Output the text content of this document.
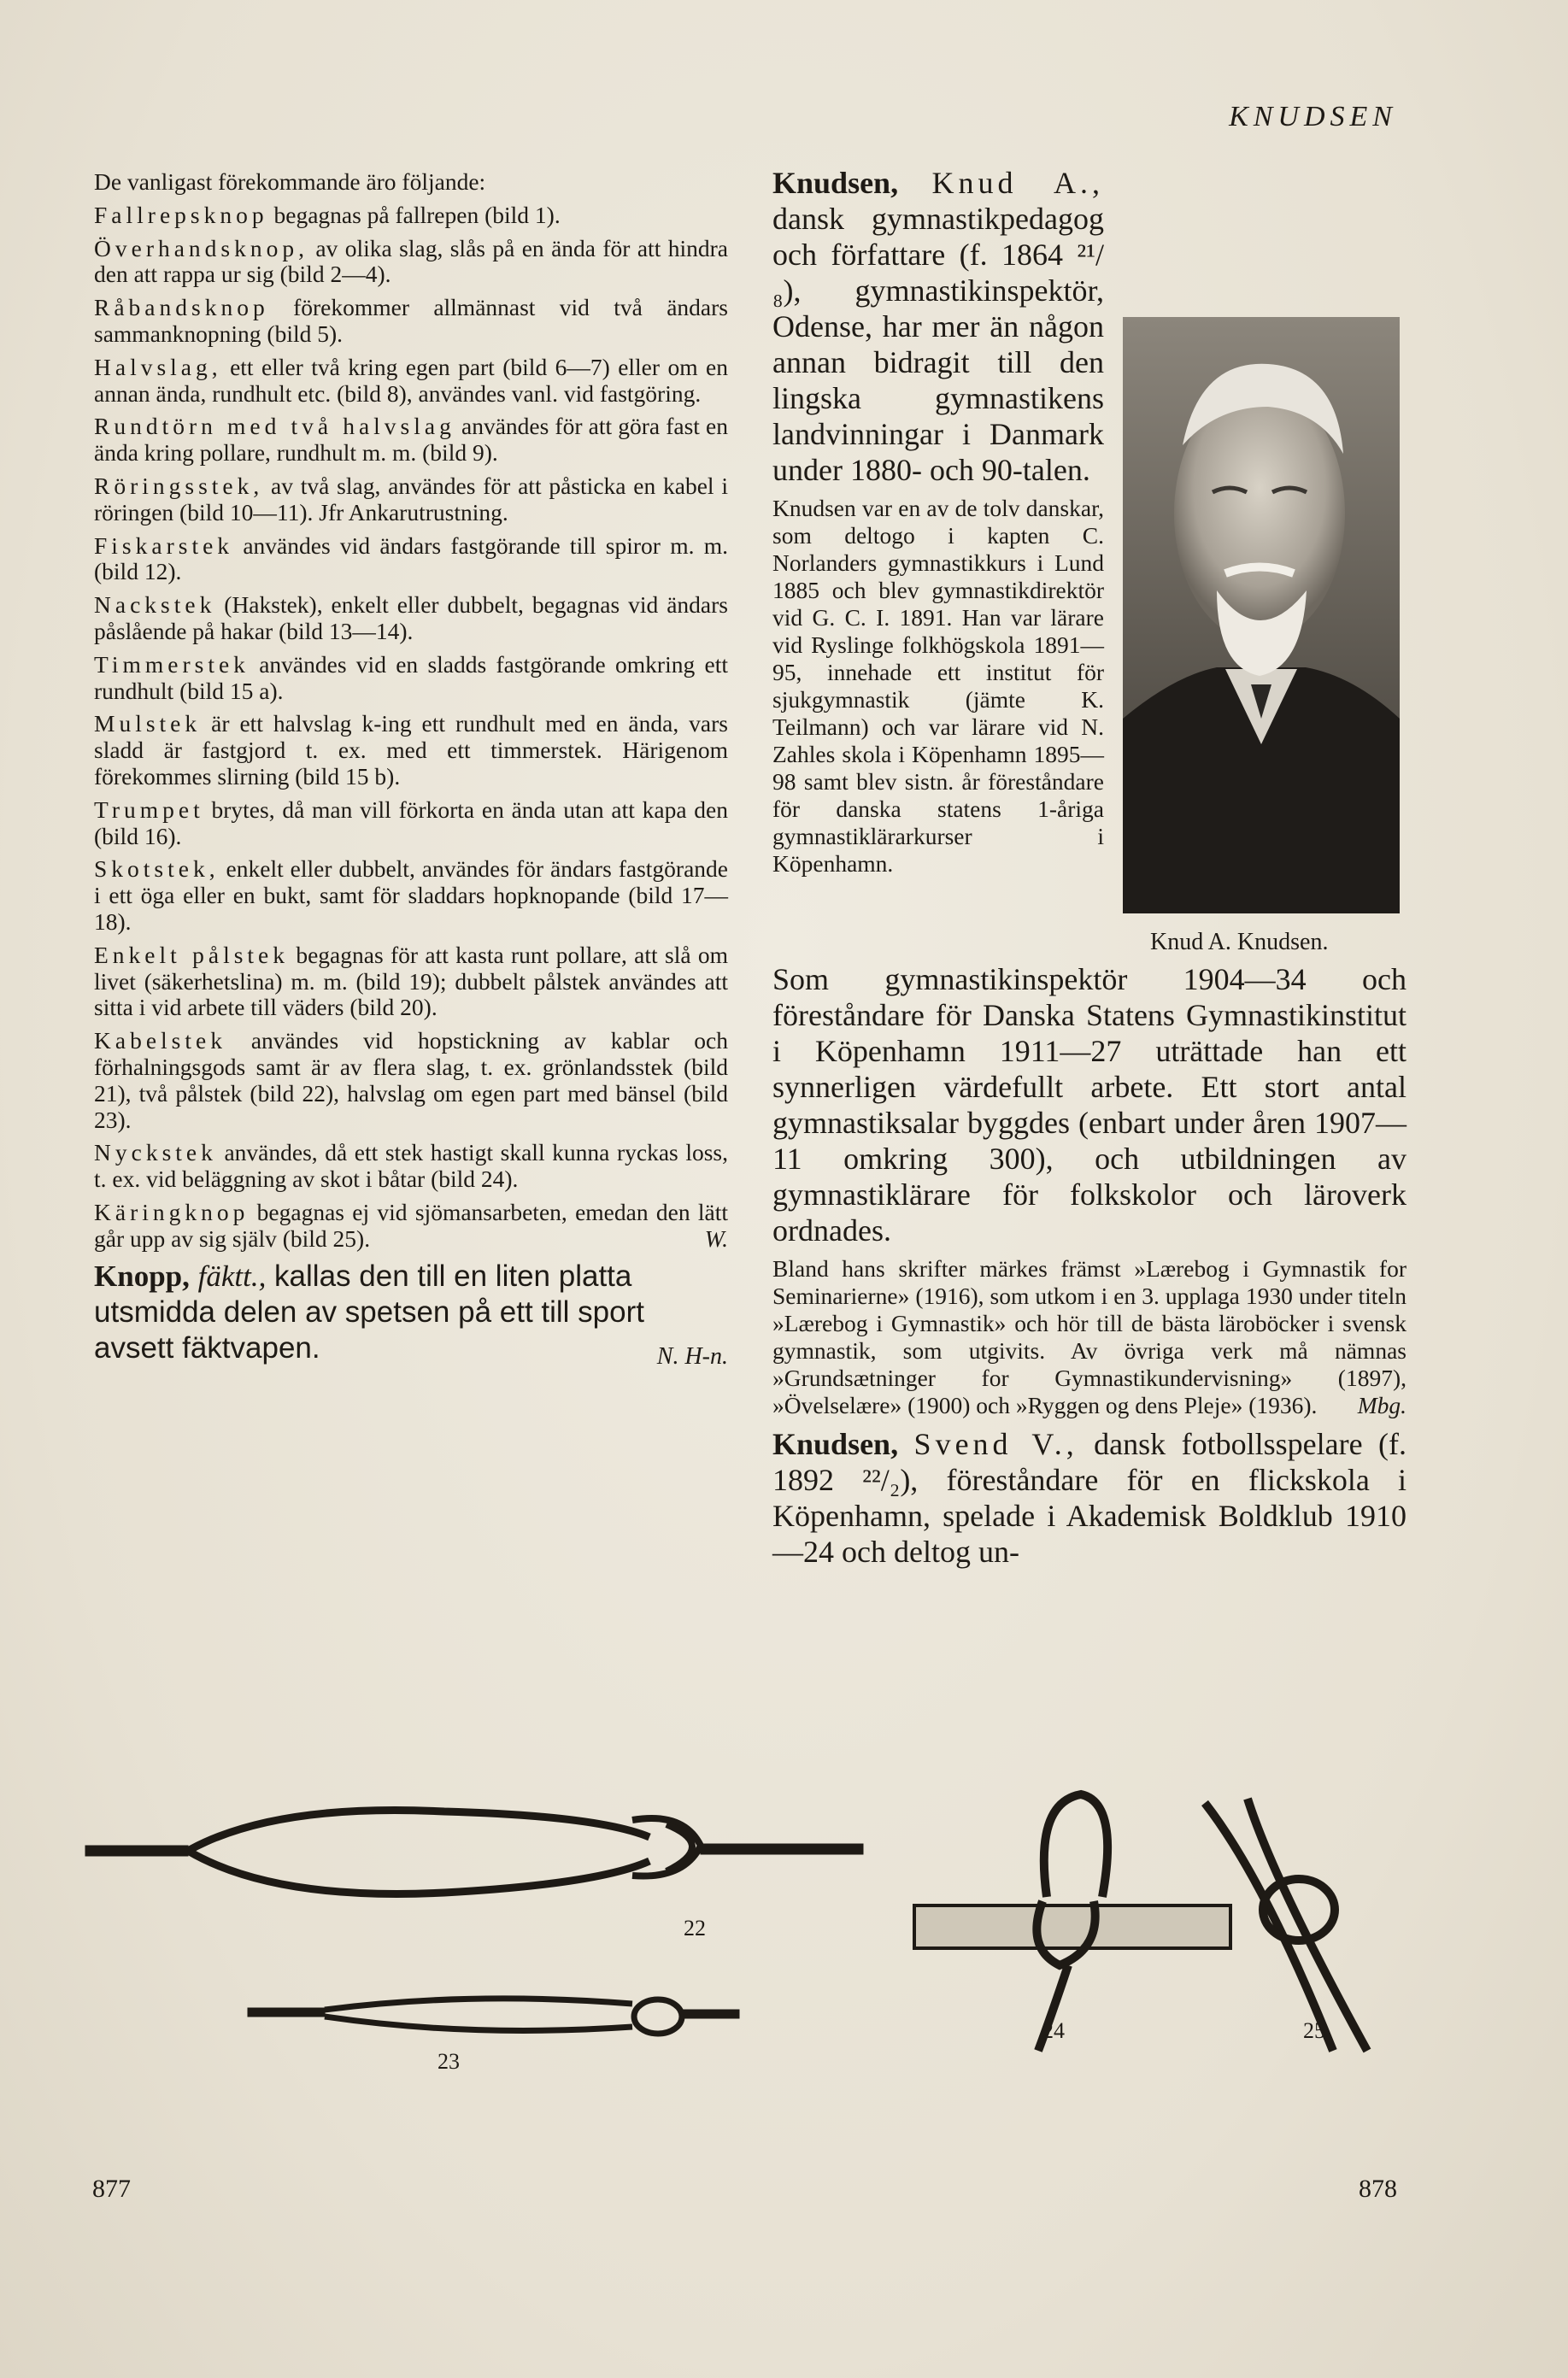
KNUDSEN

De vanligast förekommande äro följande:

Fallrepsknop begagnas på fallrepen (bild 1).

Överhandsknop, av olika slag, slås på en ända för att hindra den att rappa ur sig (bild 2—4).

Råbandsknop förekommer allmännast vid två ändars sammanknopning (bild 5).

Halvslag, ett eller två kring egen part (bild 6—7) eller om en annan ända, rundhult etc. (bild 8), användes vanl. vid fastgöring.

Rundtörn med två halvslag användes för att göra fast en ända kring pollare, rundhult m. m. (bild 9).

Röringsstek, av två slag, användes för att påsticka en kabel i röringen (bild 10—11). Jfr Ankarutrustning.

Fiskarstek användes vid ändars fastgörande till spiror m. m. (bild 12).

Nackstek (Hakstek), enkelt eller dubbelt, begagnas vid ändars påslående på hakar (bild 13—14).

Timmerstek användes vid en sladds fastgörande omkring ett rundhult (bild 15 a).

Mulstek är ett halvslag k-ing ett rundhult med en ända, vars sladd är fastgjord t. ex. med ett timmerstek. Härigenom förekommes slirning (bild 15 b).

Trumpet brytes, då man vill förkorta en ända utan att kapa den (bild 16).

Skotstek, enkelt eller dubbelt, användes för ändars fastgörande i ett öga eller en bukt, samt för sladdars hopknopande (bild 17—18).

Enkelt pålstek begagnas för att kasta runt pollare, att slå om livet (säkerhetslina) m. m. (bild 19); dubbelt pålstek användes att sitta i vid arbete till väders (bild 20).

Kabelstek användes vid hopstickning av kablar och förhalningsgods samt är av flera slag, t. ex. grönlandsstek (bild 21), två pålstek (bild 22), halvslag om egen part med bänsel (bild 23).

Nyckstek användes, då ett stek hastigt skall kunna ryckas loss, t. ex. vid beläggning av skot i båtar (bild 24).

Käringknop begagnas ej vid sjömansarbeten, emedan den lätt går upp av sig själv (bild 25).	W.

Knopp, fäktt., kallas den till en liten platta utsmidda delen av spetsen på ett till sport avsett fäktvapen.	N. H-n.

Knud A. Knudsen.

Knudsen, Knud A., dansk gymnastikpedagog och författare (f. 1864 ²¹/₈), gymnastikinspektör, Odense, har mer än någon annan bidragit till den lingska gymnastikens landvinningar i Danmark under 1880- och 90-talen.

Knudsen var en av de tolv danskar, som deltogo i kapten C. Norlanders gymnastikkurs i Lund 1885 och blev gymnastikdirektör vid G. C. I. 1891. Han var lärare vid Ryslinge folkhögskola 1891—95, innehade ett institut för sjukgymnastik (jämte K. Teilmann) och var lärare vid N. Zahles skola i Köpenhamn 1895—98 samt blev sistn. år föreståndare för danska statens 1-åriga gymnastiklärarkurser i Köpenhamn.

Som gymnastikinspektör 1904—34 och föreståndare för Danska Statens Gymnastikinstitut i Köpenhamn 1911—27 uträttade han ett synnerligen värdefullt arbete. Ett stort antal gymnastiksalar byggdes (enbart under åren 1907—11 omkring 300), och utbildningen av gymnastiklärare för folkskolor och läroverk ordnades.

Bland hans skrifter märkes främst »Lærebog i Gymnastik for Seminarierne» (1916), som utkom i en 3. upplaga 1930 under titeln »Lærebog i Gymnastik» och hör till de bästa läroböcker i svensk gymnastik, som utgivits. Av övriga verk må nämnas »Grundsætninger for Gymnastikundervisning» (1897), »Övelselære» (1900) och »Ryggen og dens Pleje» (1936). Mbg.

Knudsen, Svend V., dansk fotbollsspelare (f. 1892 ²²/₂), föreståndare för en flickskola i Köpenhamn, spelade i Akademisk Boldklub 1910—24 och deltog un-

22
23
24	25
877	878
